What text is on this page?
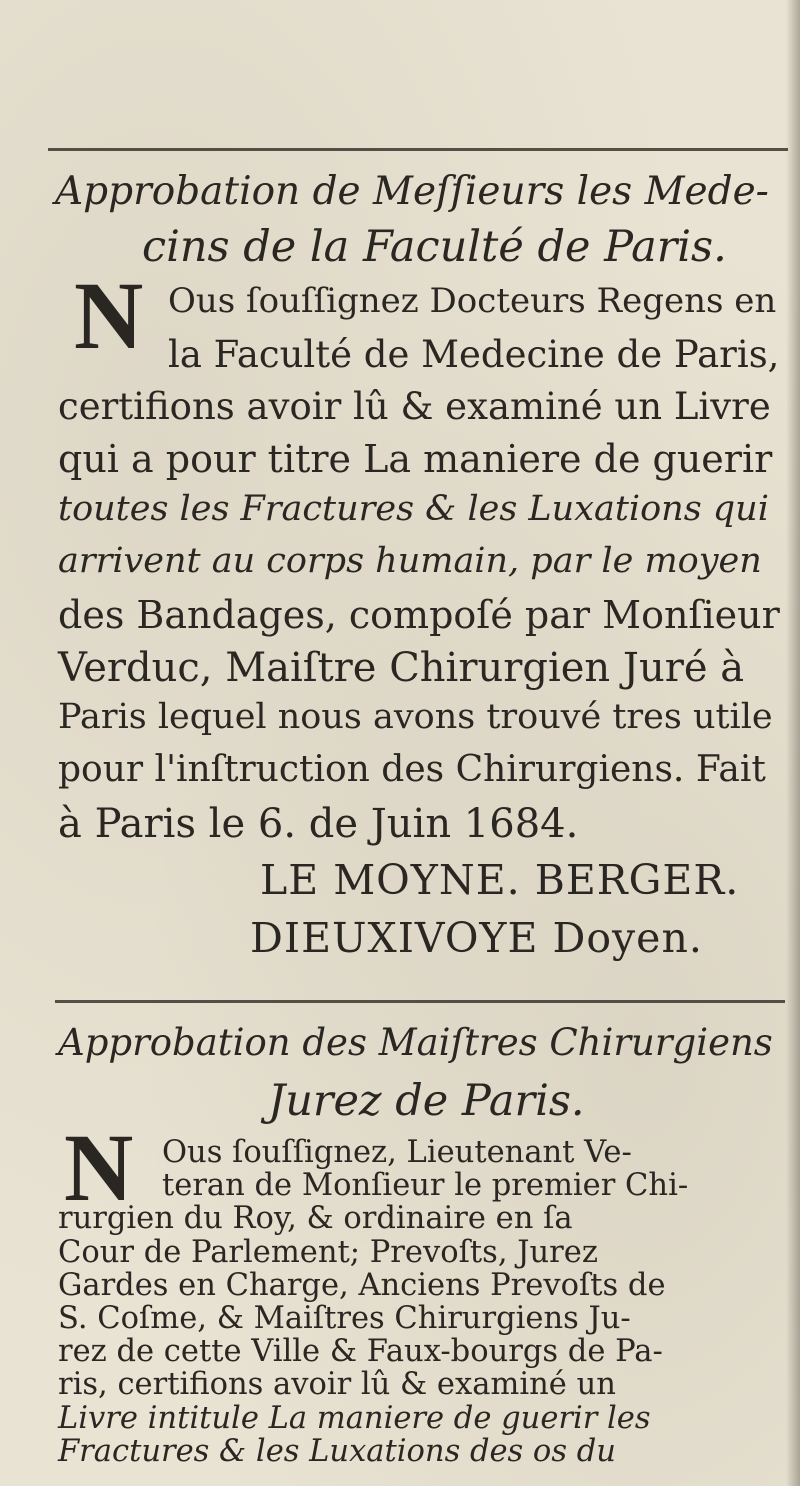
Approbation de Meſſieurs les Mede-
cins de la Faculté de Paris.
N Ous ſouſſignez Docteurs Regens en
la Faculté de Medecine de Paris,
certifions avoir lû & examiné un Livre
qui a pour titre La maniere de guerir
toutes les Fractures & les Luxations qui
arrivent au corps humain, par le moyen
des Bandages, compoſé par Monſieur
Verduc, Maiſtre Chirurgien Juré à
Paris lequel nous avons trouvé tres utile
pour l'inſtruction des Chirurgiens. Fait
à Paris le 6. de Juin 1684.
LE MOYNE. BERGER.
DIEUXIVOYE Doyen.
Approbation des Maiſtres Chirurgiens
Jurez de Paris.
N Ous ſouſſignez, Lieutenant Ve-
teran de Monſieur le premier Chi-
rurgien du Roy, & ordinaire en ſa
Cour de Parlement; Prevoſts, Jurez
Gardes en Charge, Anciens Prevoſts de
S. Coſme, & Maiſtres Chirurgiens Ju-
rez de cette Ville & Faux-bourgs de Pa-
ris, certifions avoir lû & examiné un
Livre intitule La maniere de guerir les
Fractures & les Luxations des os du
